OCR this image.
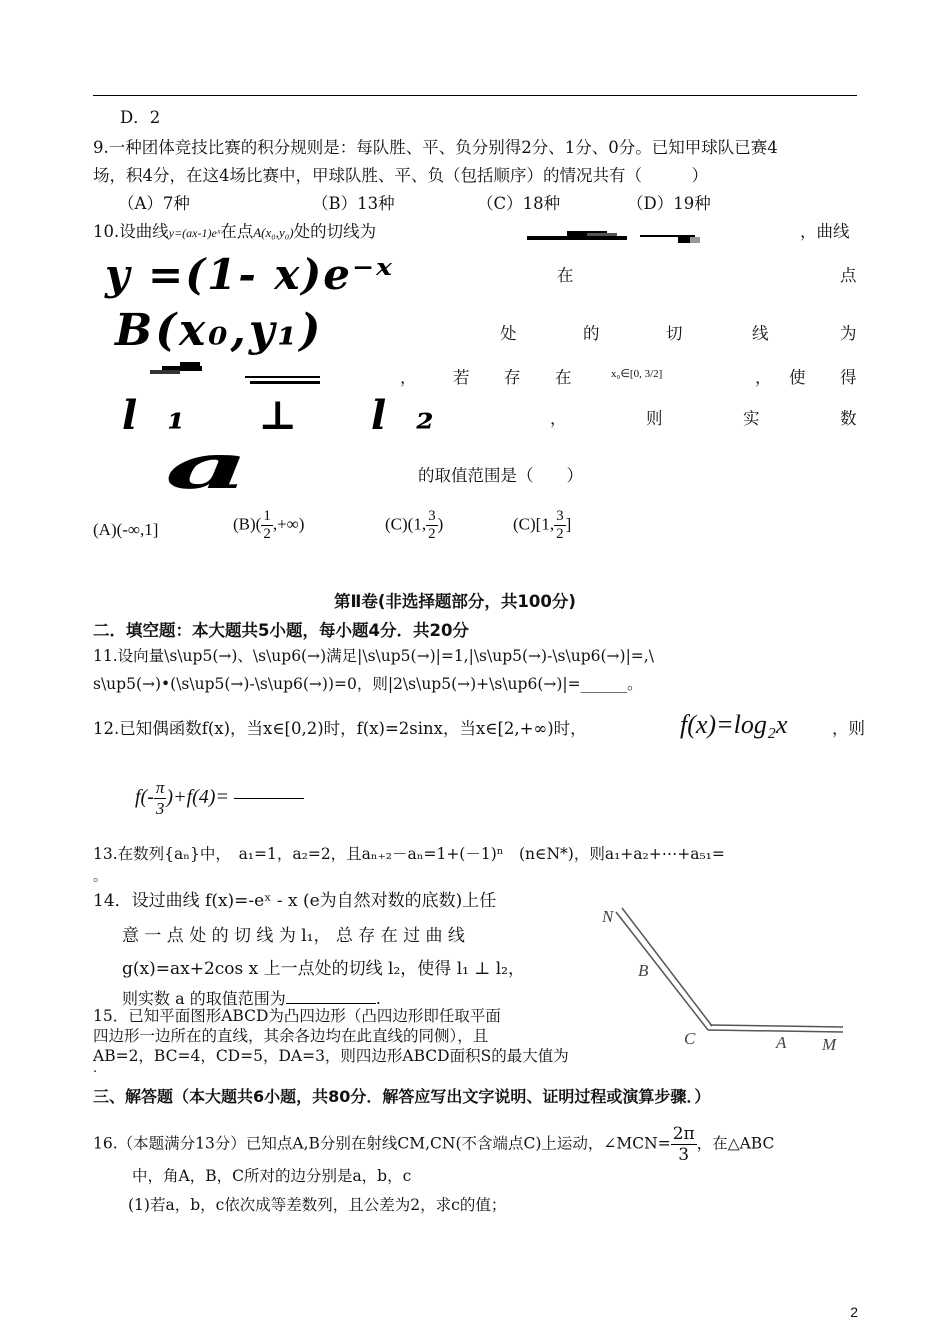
D．2
9.一种团体竞技比赛的积分规则是：每队胜、平、负分别得2分、1分、0分。已知甲球队已赛4
场，积4分，在这4场比赛中，甲球队胜、平、负（包括顺序）的情况共有（　　　）
（A）7种	（B）13种	（C）18种	（D）19种
10.设曲线y=(ax-1)eˣ在点A(x₀,y₀)处的切线为	，曲线
y =(1- x)e⁻ˣ	在	点
B(x₀,y₁)	处	的	切	线	为
， 若 存 在	x₀∈[0, 3/2]	， 使 得
l₁ ⊥ l₂	，	则	实	数
a	的取值范围是（　　）
(A)(-∞,1]	$(B)( \frac{1}{2}$ ,+∞)	(C)(1, $\frac{3}{2}$ )	(C)[1, $\frac{3}{2}$ ]
第Ⅱ卷(非选择题部分，共100分)
二．填空题：本大题共5小题，每小题4分．共20分
11.设向量\s\up5(→)、\s\up6(→)满足|\s\up5(→)|=1,|\s\up5(→)-\s\up6(→)|=,\
s\up5(→)•(\s\up5(→)-\s\up6(→))=0，则|2\s\up5(→)+\s\up6(→)|=______。
12.已知偶函数f(x)，当x∈[0,2)时，f(x)=2sinx，当x∈[2,+∞)时，	f(x)=log₂x	，则
$f(- \frac{\pi}{3} )+f(4)=$
13.在数列{aₙ}中，　a₁=1，a₂=2，且aₙ₊₂－aₙ=1+(－1)ⁿ　(n∈N*)，则a₁+a₂+⋯+a₅₁=
。
14．设过曲线 f(x)=-eˣ - x (e为自然对数的底数)上任
意 一 点 处 的 切 线 为 l₁， 总 存 在 过 曲 线
g(x)=ax+2cos x 上一点处的切线 l₂，使得 l₁ ⊥ l₂，
则实数 a 的取值范围为	.
15．已知平面图形ABCD为凸四边形（凸四边形即任取平面
四边形一边所在的直线，其余各边均在此直线的同侧），且
AB=2，BC=4，CD=5，DA=3，则四边形ABCD面积S的最大值为
.
N
B
C	A M
三、解答题（本大题共6小题，共80分．解答应写出文字说明、证明过程或演算步骤．）
16.（本题满分13分）已知点A,B分别在射线CM,CN(不含端点C)上运动，∠MCN= $\frac{2\pi}{3}$ ，在△ABC
中，角A，B，C所对的边分别是a，b，c
(1)若a，b，c依次成等差数列，且公差为2，求c的值；
2
